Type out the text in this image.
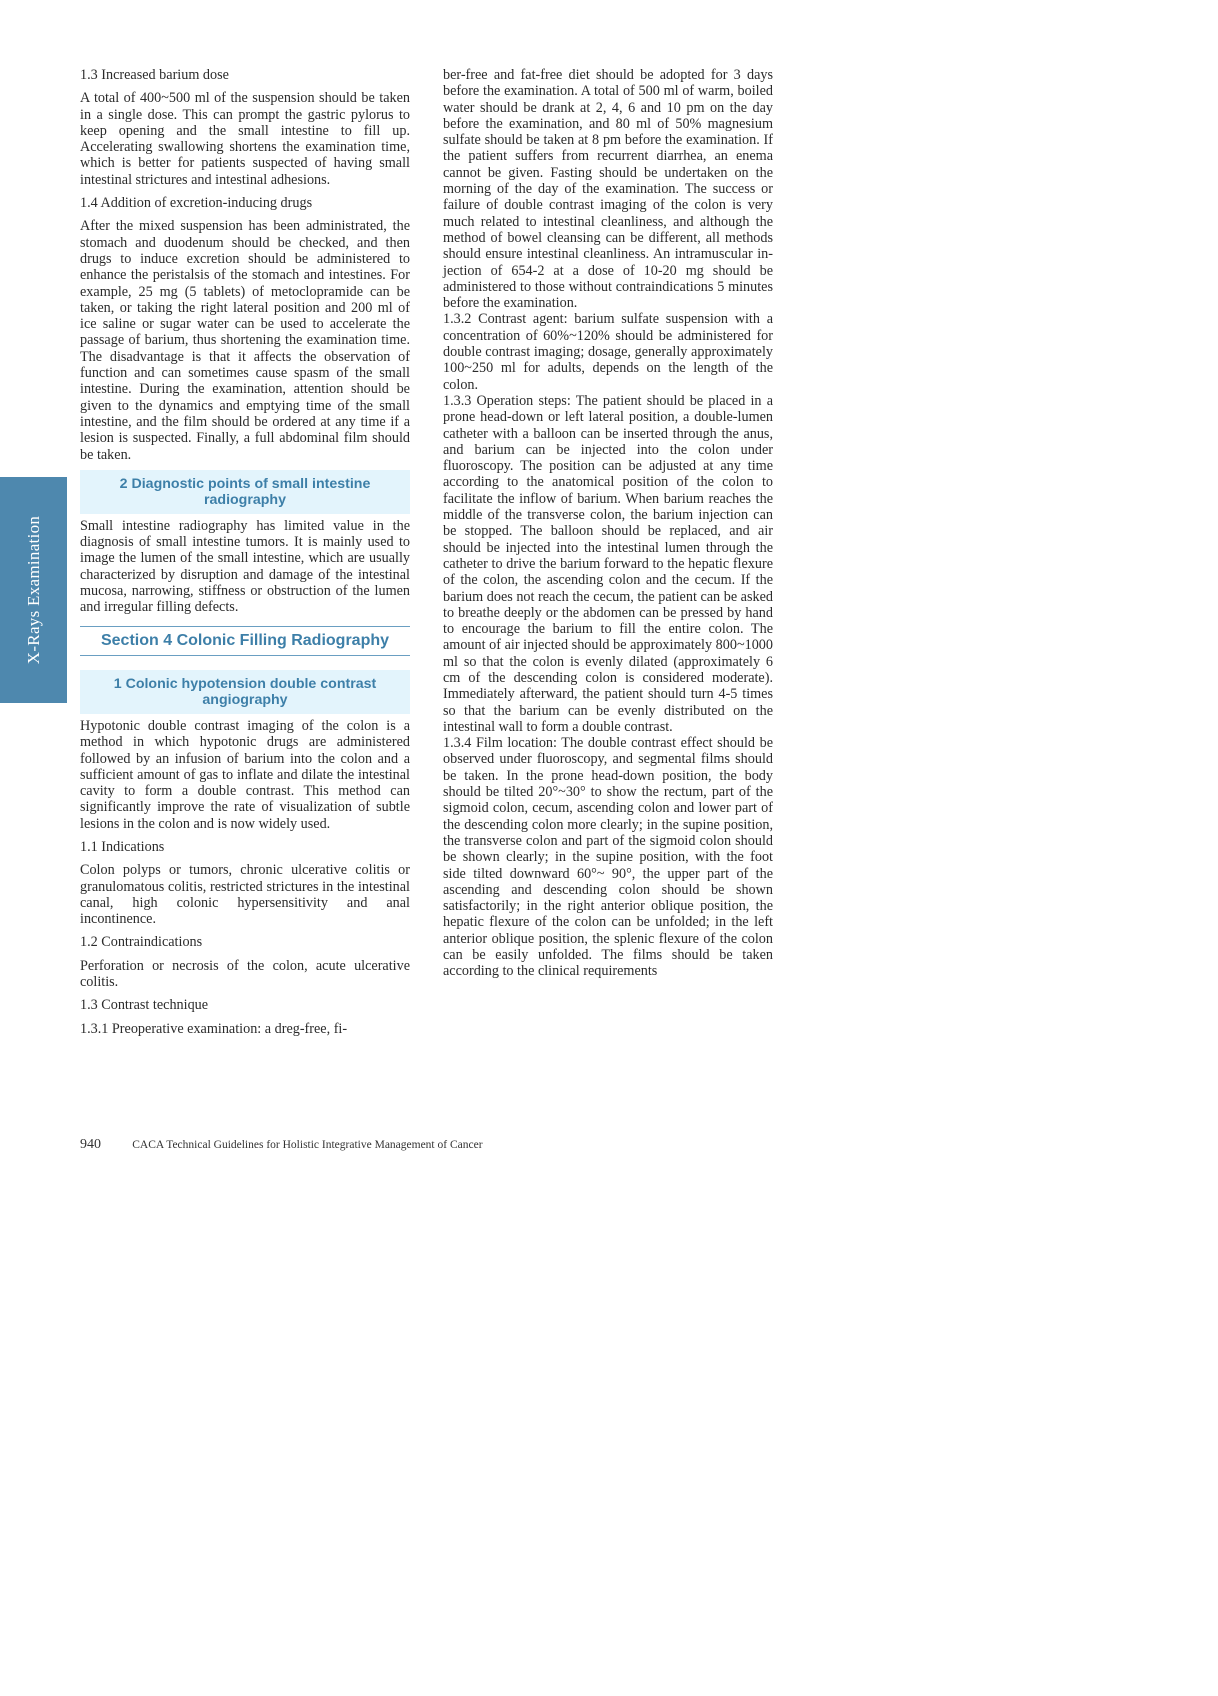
X-Rays Examination

1.3 Increased barium dose

A total of 400~500 ml of the suspension should be taken in a single dose. This can prompt the gastric pylorus to keep opening and the small intestine to fill up. Accelerating swallowing shortens the examination time, which is better for patients suspected of having small intestinal strictures and intestinal adhesions.

1.4 Addition of excretion-inducing drugs

After the mixed suspension has been administrated, the stomach and duodenum should be checked, and then drugs to induce excretion should be administered to enhance the peristalsis of the stomach and intestines. For example, 25 mg (5 tablets) of metoclopramide can be taken, or taking the right lateral position and 200 ml of ice saline or sugar water can be used to accelerate the passage of barium, thus shortening the examination time. The disadvantage is that it affects the observation of function and can sometimes cause spasm of the small intestine. During the examination, attention should be given to the dynamics and emptying time of the small intestine, and the film should be ordered at any time if a lesion is suspected. Finally, a full abdominal film should be taken.

2 Diagnostic points of small intestine radiography

Small intestine radiography has limited value in the diagnosis of small intestine tumors. It is mainly used to image the lumen of the small intestine, which are usually characterized by disruption and damage of the intestinal mucosa, narrowing, stiffness or obstruction of the lumen and irregular filling defects.

Section 4 Colonic Filling Radiography
1 Colonic hypotension double contrast angiography

Hypotonic double contrast imaging of the colon is a method in which hypotonic drugs are administered followed by an infusion of barium into the colon and a sufficient amount of gas to inflate and dilate the intestinal cavity to form a double contrast. This method can significantly improve the rate of visualization of subtle lesions in the colon and is now widely used.

1.1 Indications

Colon polyps or tumors, chronic ulcerative colitis or granulomatous colitis, restricted strictures in the intestinal canal, high colonic hypersensitivity and anal incontinence.

1.2 Contraindications

Perforation or necrosis of the colon, acute ulcerative colitis.

1.3 Contrast technique

1.3.1 Preoperative examination: a dreg-free, fi-

ber-free and fat-free diet should be adopted for 3 days before the examination. A total of 500 ml of warm, boiled water should be drank at 2, 4, 6 and 10 pm on the day before the examination, and 80 ml of 50% magnesium sulfate should be taken at 8 pm before the examination. If the patient suffers from recurrent diarrhea, an enema cannot be given. Fasting should be undertaken on the morning of the day of the examination. The success or failure of double contrast imaging of the colon is very much related to intestinal cleanliness, and although the method of bowel cleansing can be different, all methods should ensure intestinal cleanliness. An intramuscular injection of 654-2 at a dose of 10-20 mg should be administered to those without contraindications 5 minutes before the examination.

1.3.2 Contrast agent: barium sulfate suspension with a concentration of 60%~120% should be administered for double contrast imaging; dosage, generally approximately 100~250 ml for adults, depends on the length of the colon.

1.3.3 Operation steps: The patient should be placed in a prone head-down or left lateral position, a double-lumen catheter with a balloon can be inserted through the anus, and barium can be injected into the colon under fluoroscopy. The position can be adjusted at any time according to the anatomical position of the colon to facilitate the inflow of barium. When barium reaches the middle of the transverse colon, the barium injection can be stopped. The balloon should be replaced, and air should be injected into the intestinal lumen through the catheter to drive the barium forward to the hepatic flexure of the colon, the ascending colon and the cecum. If the barium does not reach the cecum, the patient can be asked to breathe deeply or the abdomen can be pressed by hand to encourage the barium to fill the entire colon. The amount of air injected should be approximately 800~1000 ml so that the colon is evenly dilated (approximately 6 cm of the descending colon is considered moderate). Immediately afterward, the patient should turn 4-5 times so that the barium can be evenly distributed on the intestinal wall to form a double contrast.

1.3.4 Film location: The double contrast effect should be observed under fluoroscopy, and segmental films should be taken. In the prone head-down position, the body should be tilted 20°~30° to show the rectum, part of the sigmoid colon, cecum, ascending colon and lower part of the descending colon more clearly; in the supine position, the transverse colon and part of the sigmoid colon should be shown clearly; in the supine position, with the foot side tilted downward 60°~ 90°, the upper part of the ascending and descending colon should be shown satisfactorily; in the right anterior oblique position, the hepatic flexure of the colon can be unfolded; in the left anterior oblique position, the splenic flexure of the colon can be easily unfolded. The films should be taken according to the clinical requirements

940	CACA Technical Guidelines for Holistic Integrative Management of Cancer
